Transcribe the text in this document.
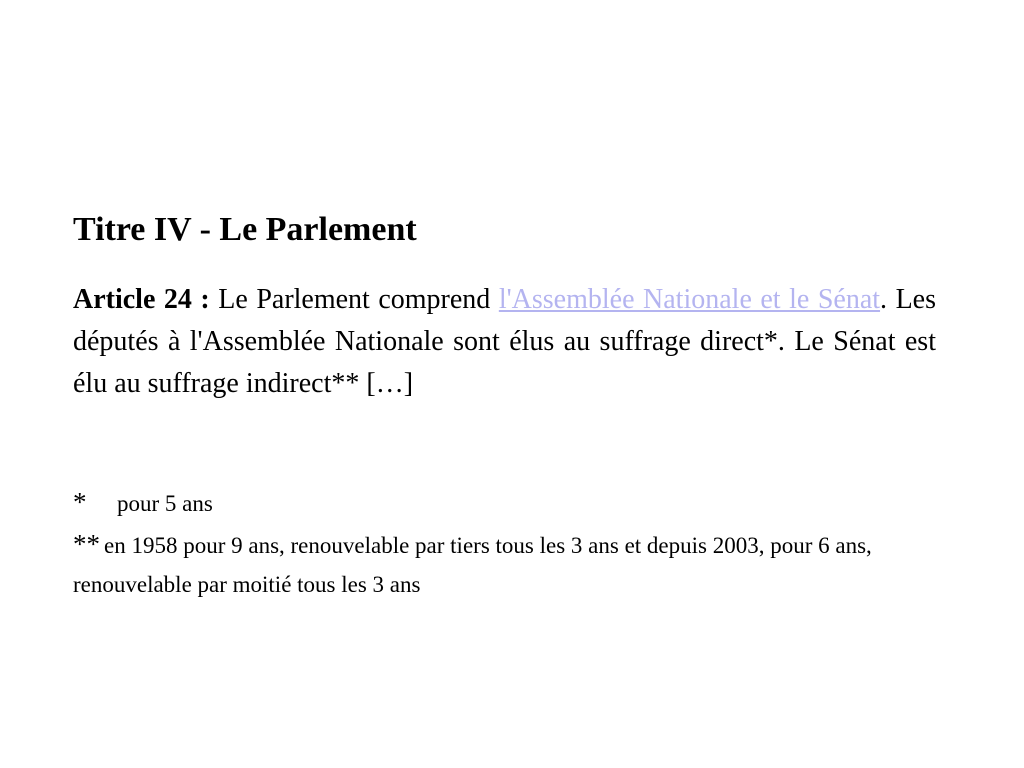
Titre IV - Le Parlement
Article 24 : Le Parlement comprend l'Assemblée Nationale et le Sénat. Les députés à l'Assemblée Nationale sont élus au suffrage direct*. Le Sénat est élu au suffrage indirect** […]
* pour 5 ans
** en 1958 pour 9 ans, renouvelable par tiers tous les 3 ans et depuis 2003, pour 6 ans, renouvelable par moitié tous les 3 ans
